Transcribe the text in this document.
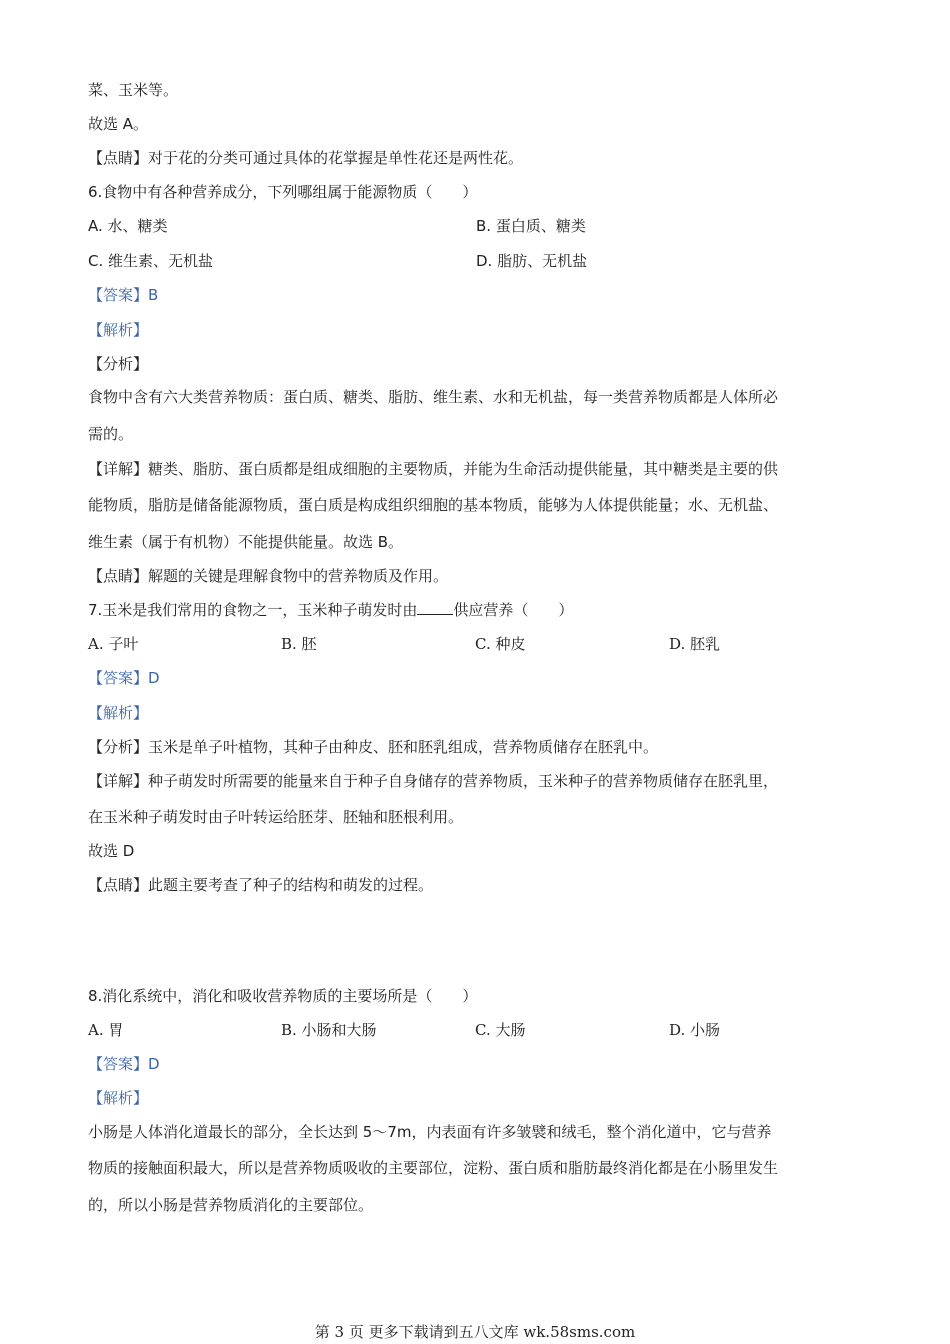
菜、玉米等。
故选 A。
【点睛】对于花的分类可通过具体的花掌握是单性花还是两性花。
6.食物中有各种营养成分，下列哪组属于能源物质（　　）
A. 水、糖类	B. 蛋白质、糖类
C. 维生素、无机盐	D. 脂肪、无机盐
【答案】B
【解析】
【分析】
食物中含有六大类营养物质：蛋白质、糖类、脂肪、维生素、水和无机盐，每一类营养物质都是人体所必
需的。
【详解】糖类、脂肪、蛋白质都是组成细胞的主要物质，并能为生命活动提供能量，其中糖类是主要的供
能物质，脂肪是储备能源物质，蛋白质是构成组织细胞的基本物质，能够为人体提供能量；水、无机盐、
维生素（属于有机物）不能提供能量。故选 B。
【点睛】解题的关键是理解食物中的营养物质及作用。
7.玉米是我们常用的食物之一，玉米种子萌发时由 供应营养（　　）
A. 子叶	B. 胚	C. 种皮	D. 胚乳
【答案】D
【解析】
【分析】玉米是单子叶植物，其种子由种皮、胚和胚乳组成，营养物质储存在胚乳中。
【详解】种子萌发时所需要的能量来自于种子自身储存的营养物质，玉米种子的营养物质储存在胚乳里，
在玉米种子萌发时由子叶转运给胚芽、胚轴和胚根利用。
故选 D
【点睛】此题主要考查了种子的结构和萌发的过程。
8.消化系统中，消化和吸收营养物质的主要场所是（　　）
A. 胃	B. 小肠和大肠	C. 大肠	D. 小肠
【答案】D
【解析】
小肠是人体消化道最长的部分，全长达到 5～7m，内表面有许多皱襞和绒毛，整个消化道中，它与营养
物质的接触面积最大，所以是营养物质吸收的主要部位，淀粉、蛋白质和脂肪最终消化都是在小肠里发生
的，所以小肠是营养物质消化的主要部位。
第 3 页 更多下载请到五八文库 wk.58sms.com
